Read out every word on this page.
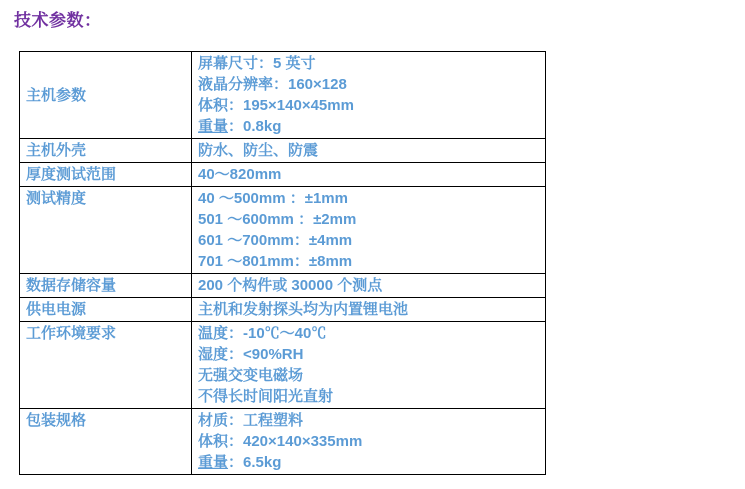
技术参数：
主机参数	屏幕尺寸：5 英寸
液晶分辨率：160×128
体积：195×140×45mm
重量：0.8kg

主机外壳	防水、防尘、防震

厚度测试范围	40～820mm

测试精度	40 ～500mm ：±1mm
501 ～600mm ：±2mm
601 ～700mm：±4mm
701 ～801mm：±8mm

数据存储容量	200 个构件或 30000 个测点

供电电源	主机和发射探头均为内置锂电池

工作环境要求	温度：-10℃～40℃
湿度：<90%RH
无强交变电磁场
不得长时间阳光直射

包装规格	材质：工程塑料
体积：420×140×335mm
重量：6.5kg
